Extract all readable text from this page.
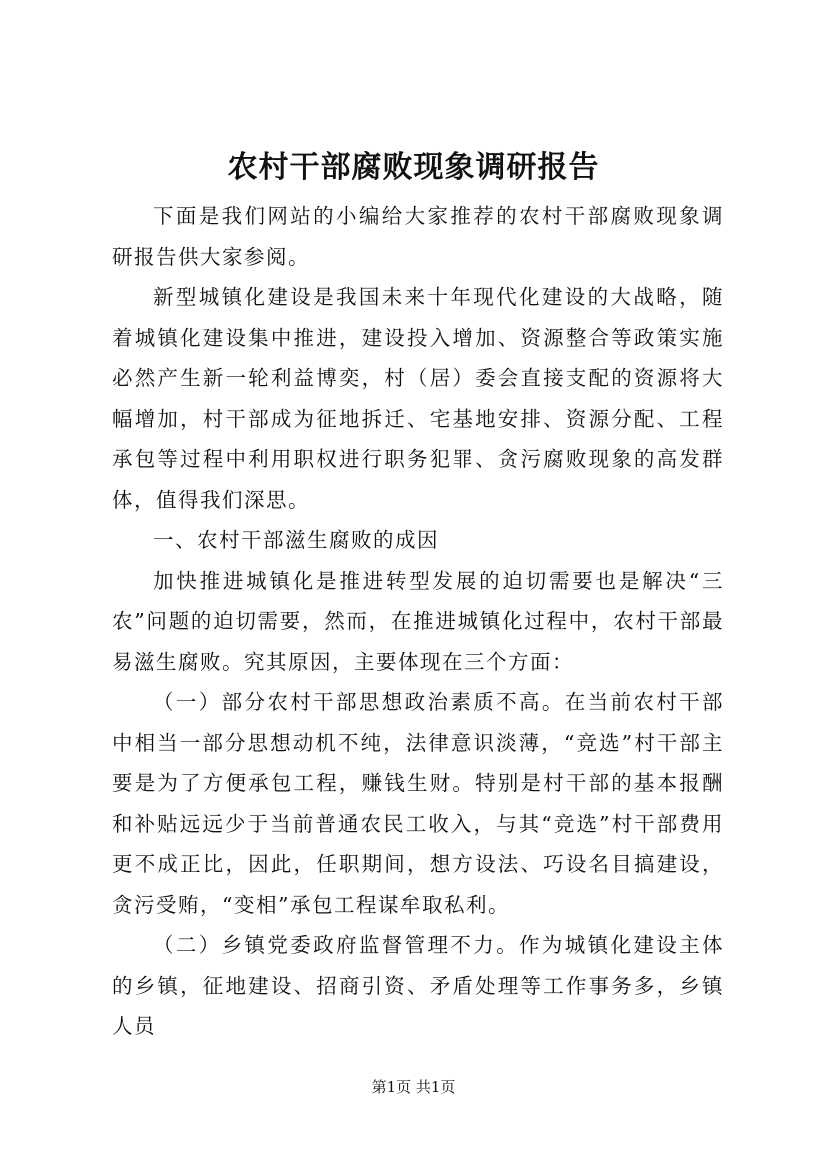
农村干部腐败现象调研报告

下面是我们网站的小编给大家推荐的农村干部腐败现象调研报告供大家参阅。

新型城镇化建设是我国未来十年现代化建设的大战略，随着城镇化建设集中推进，建设投入增加、资源整合等政策实施必然产生新一轮利益博奕，村（居）委会直接支配的资源将大幅增加，村干部成为征地拆迁、宅基地安排、资源分配、工程承包等过程中利用职权进行职务犯罪、贪污腐败现象的高发群体，值得我们深思。

一、农村干部滋生腐败的成因

加快推进城镇化是推进转型发展的迫切需要也是解决“三农”问题的迫切需要，然而，在推进城镇化过程中，农村干部最易滋生腐败。究其原因，主要体现在三个方面：

（一）部分农村干部思想政治素质不高。在当前农村干部中相当一部分思想动机不纯，法律意识淡薄，“竞选”村干部主要是为了方便承包工程，赚钱生财。特别是村干部的基本报酬和补贴远远少于当前普通农民工收入，与其“竞选”村干部费用更不成正比，因此，任职期间，想方设法、巧设名目搞建设，贪污受贿，“变相”承包工程谋牟取私利。

（二）乡镇党委政府监督管理不力。作为城镇化建设主体的乡镇，征地建设、招商引资、矛盾处理等工作事务多，乡镇人员

第1页 共1页
